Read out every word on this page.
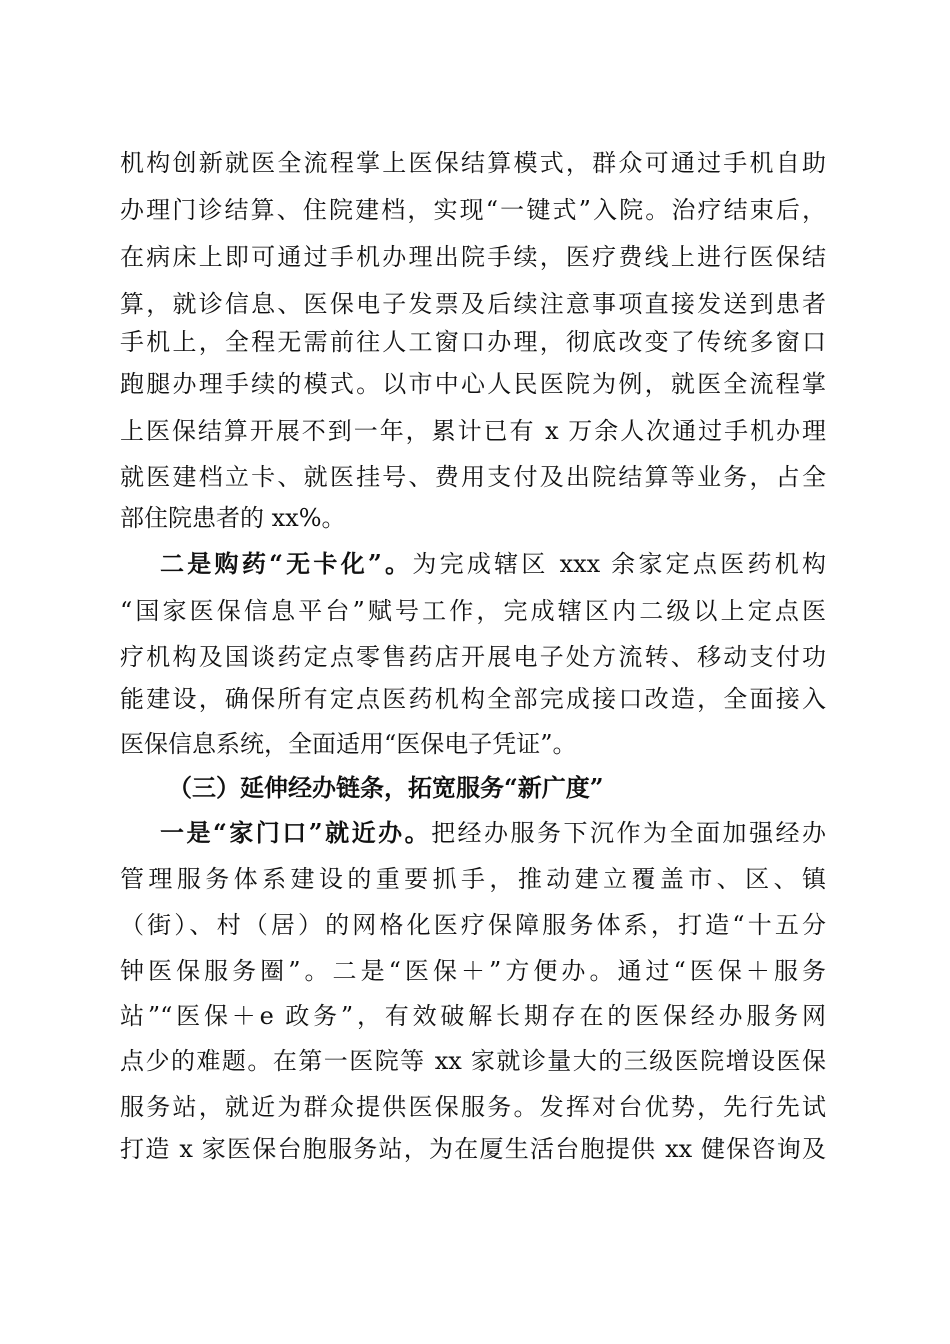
机构创新就医全流程掌上医保结算模式，群众可通过手机自助
办理门诊结算、住院建档，实现“一键式”入院。治疗结束后，
在病床上即可通过手机办理出院手续，医疗费线上进行医保结
算，就诊信息、医保电子发票及后续注意事项直接发送到患者
手机上，全程无需前往人工窗口办理，彻底改变了传统多窗口
跑腿办理手续的模式。以市中心人民医院为例，就医全流程掌
上医保结算开展不到一年，累计已有 x 万余人次通过手机办理
就医建档立卡、就医挂号、费用支付及出院结算等业务，占全
部住院患者的 xx%。
二是购药“无卡化”。为完成辖区 xxx 余家定点医药机构
“国家医保信息平台”赋号工作，完成辖区内二级以上定点医
疗机构及国谈药定点零售药店开展电子处方流转、移动支付功
能建设，确保所有定点医药机构全部完成接口改造，全面接入
医保信息系统，全面适用“医保电子凭证”。
（三）延伸经办链条，拓宽服务“新广度”
一是“家门口”就近办。把经办服务下沉作为全面加强经办
管理服务体系建设的重要抓手，推动建立覆盖市、区、镇
（街）、村（居）的网格化医疗保障服务体系，打造“十五分
钟医保服务圈”。二是“医保＋”方便办。通过“医保＋服务
站”“医保＋e 政务”，有效破解长期存在的医保经办服务网
点少的难题。在第一医院等 xx 家就诊量大的三级医院增设医保
服务站，就近为群众提供医保服务。发挥对台优势，先行先试
打造 x 家医保台胞服务站，为在厦生活台胞提供 xx 健保咨询及
